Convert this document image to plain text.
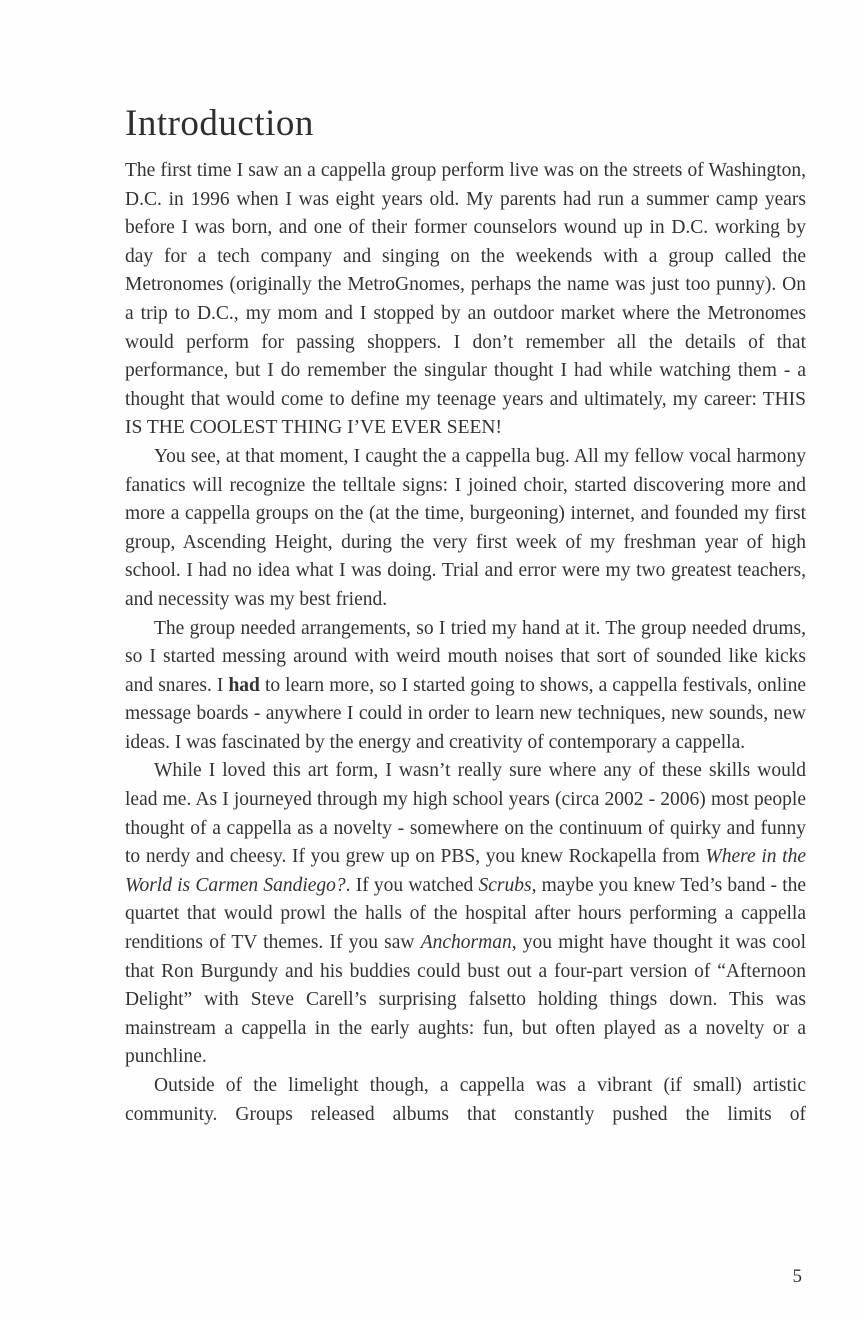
Introduction

The first time I saw an a cappella group perform live was on the streets of Washington, D.C. in 1996 when I was eight years old. My parents had run a summer camp years before I was born, and one of their former counselors wound up in D.C. working by day for a tech company and singing on the weekends with a group called the Metronomes (originally the MetroGnomes, perhaps the name was just too punny). On a trip to D.C., my mom and I stopped by an outdoor market where the Metronomes would perform for passing shoppers. I don’t remember all the details of that performance, but I do remember the singular thought I had while watching them - a thought that would come to define my teenage years and ultimately, my career: THIS IS THE COOLEST THING I’VE EVER SEEN!

You see, at that moment, I caught the a cappella bug. All my fellow vocal harmony fanatics will recognize the telltale signs: I joined choir, started discovering more and more a cappella groups on the (at the time, burgeoning) internet, and founded my first group, Ascending Height, during the very first week of my freshman year of high school. I had no idea what I was doing. Trial and error were my two greatest teachers, and necessity was my best friend.

The group needed arrangements, so I tried my hand at it. The group needed drums, so I started messing around with weird mouth noises that sort of sounded like kicks and snares. I had to learn more, so I started going to shows, a cappella festivals, online message boards - anywhere I could in order to learn new techniques, new sounds, new ideas. I was fascinated by the energy and creativity of contemporary a cappella.

While I loved this art form, I wasn’t really sure where any of these skills would lead me. As I journeyed through my high school years (circa 2002 - 2006) most people thought of a cappella as a novelty - somewhere on the continuum of quirky and funny to nerdy and cheesy. If you grew up on PBS, you knew Rockapella from Where in the World is Carmen Sandiego?. If you watched Scrubs, maybe you knew Ted’s band - the quartet that would prowl the halls of the hospital after hours performing a cappella renditions of TV themes. If you saw Anchorman, you might have thought it was cool that Ron Burgundy and his buddies could bust out a four-part version of “Afternoon Delight” with Steve Carell’s surprising falsetto holding things down. This was mainstream a cappella in the early aughts: fun, but often played as a novelty or a punchline.

Outside of the limelight though, a cappella was a vibrant (if small) artistic community. Groups released albums that constantly pushed the limits of

5
